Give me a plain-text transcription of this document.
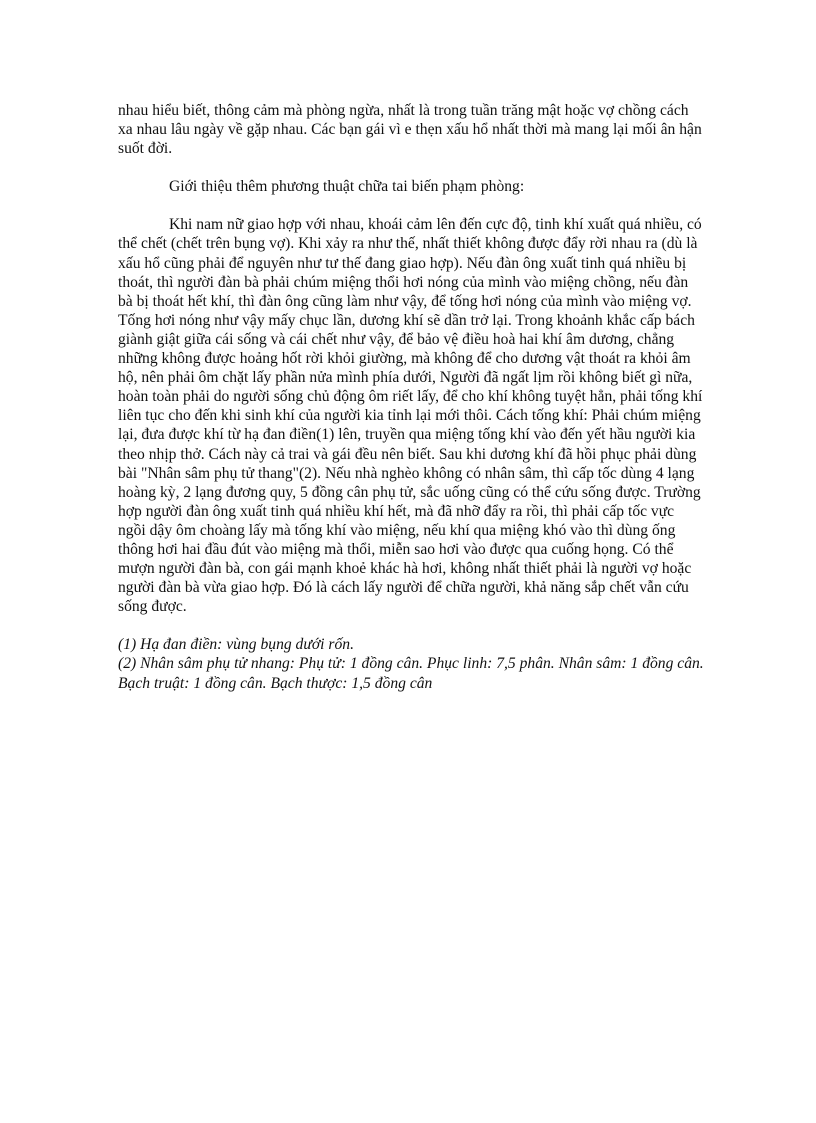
nhau hiểu biết, thông cảm mà phòng ngừa, nhất là trong tuần trăng mật hoặc vợ chồng cách xa nhau lâu ngày về gặp nhau. Các bạn gái vì e thẹn xấu hổ nhất thời mà mang lại mối ân hận suốt đời.

Giới thiệu thêm phương thuật chữa tai biến phạm phòng:

Khi nam nữ giao hợp với nhau, khoái cảm lên đến cực độ, tinh khí xuất quá nhiều, có thể chết (chết trên bụng vợ). Khi xảy ra như thế, nhất thiết không được đẩy rời nhau ra (dù là xấu hổ cũng phải để nguyên như tư thế đang giao hợp). Nếu đàn ông xuất tinh quá nhiều bị thoát, thì người đàn bà phải chúm miệng thổi hơi nóng của mình vào miệng chồng, nếu đàn bà bị thoát hết khí, thì đàn ông cũng làm như vậy, để tống hơi nóng của mình vào miệng vợ. Tống hơi nóng như vậy mấy chục lần, dương khí sẽ dần trở lại. Trong khoảnh khắc cấp bách giành giật giữa cái sống và cái chết như vậy, để bảo vệ điều hoà hai khí âm dương, chẳng những không được hoảng hốt rời khỏi giường, mà không để cho dương vật thoát ra khỏi âm hộ, nên phải ôm chặt lấy phần nửa mình phía dưới, Người đã ngất lịm rồi không biết gì nữa, hoàn toàn phải do người sống chủ động ôm riết lấy, để cho khí không tuyệt hẳn, phải tống khí liên tục cho đến khi sinh khí của người kia tỉnh lại mới thôi. Cách tống khí: Phải chúm miệng lại, đưa được khí từ hạ đan điền(1) lên, truyền qua miệng tống khí vào đến yết hầu người kia theo nhịp thở. Cách này cả trai và gái đều nên biết. Sau khi dương khí đã hồi phục phải dùng bài "Nhân sâm phụ tử thang"(2). Nếu nhà nghèo không có nhân sâm, thì cấp tốc dùng 4 lạng hoàng kỳ, 2 lạng đương quy, 5 đồng cân phụ tử, sắc uống cũng có thể cứu sống được. Trường hợp người đàn ông xuất tinh quá nhiều khí hết, mà đã nhỡ đẩy ra rồi, thì phải cấp tốc vực ngồi dậy ôm choàng lấy mà tống khí vào miệng, nếu khí qua miệng khó vào thì dùng ống thông hơi hai đầu đút vào miệng mà thổi, miễn sao hơi vào được qua cuống họng. Có thể mượn người đàn bà, con gái mạnh khoẻ khác hà hơi, không nhất thiết phải là người vợ hoặc người đàn bà vừa giao hợp. Đó là cách lấy người để chữa người, khả năng sắp chết vẫn cứu sống được.

(1) Hạ đan điền: vùng bụng dưới rốn.

(2) Nhân sâm phụ tử nhang: Phụ tử: 1 đồng cân. Phục linh: 7,5 phân. Nhân sâm: 1 đồng cân. Bạch truật: 1 đồng cân. Bạch thược: 1,5 đồng cân
